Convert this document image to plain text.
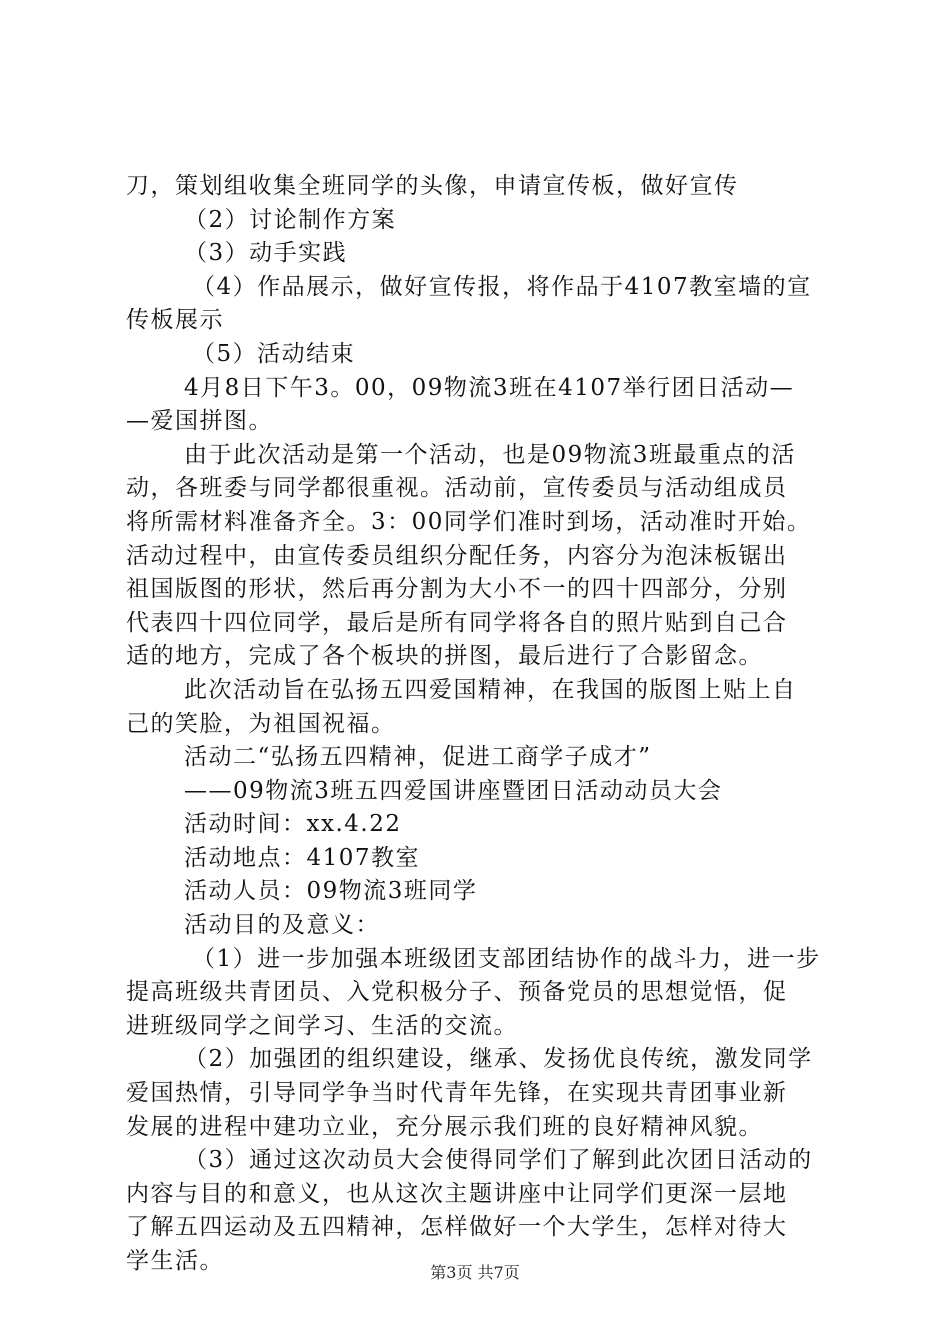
刀，策划组收集全班同学的头像，申请宣传板，做好宣传
（2）讨论制作方案
（3）动手实践
（4）作品展示，做好宣传报，将作品于4107教室墙的宣
传板展示
（5）活动结束
4月8日下午3。00，09物流3班在4107举行团日活动—
—爱国拼图。
由于此次活动是第一个活动，也是09物流3班最重点的活
动，各班委与同学都很重视。活动前，宣传委员与活动组成员
将所需材料准备齐全。3：00同学们准时到场，活动准时开始。
活动过程中，由宣传委员组织分配任务，内容分为泡沫板锯出
祖国版图的形状，然后再分割为大小不一的四十四部分，分别
代表四十四位同学，最后是所有同学将各自的照片贴到自己合
适的地方，完成了各个板块的拼图，最后进行了合影留念。
此次活动旨在弘扬五四爱国精神，在我国的版图上贴上自
己的笑脸，为祖国祝福。
活动二“弘扬五四精神，促进工商学子成才”
——09物流3班五四爱国讲座暨团日活动动员大会
活动时间：xx.4.22
活动地点：4107教室
活动人员：09物流3班同学
活动目的及意义：
（1）进一步加强本班级团支部团结协作的战斗力，进一步
提高班级共青团员、入党积极分子、预备党员的思想觉悟，促
进班级同学之间学习、生活的交流。
（2）加强团的组织建设，继承、发扬优良传统，激发同学
爱国热情，引导同学争当时代青年先锋，在实现共青团事业新
发展的进程中建功立业，充分展示我们班的良好精神风貌。
（3）通过这次动员大会使得同学们了解到此次团日活动的
内容与目的和意义，也从这次主题讲座中让同学们更深一层地
了解五四运动及五四精神，怎样做好一个大学生，怎样对待大
学生活。	第3页 共7页
